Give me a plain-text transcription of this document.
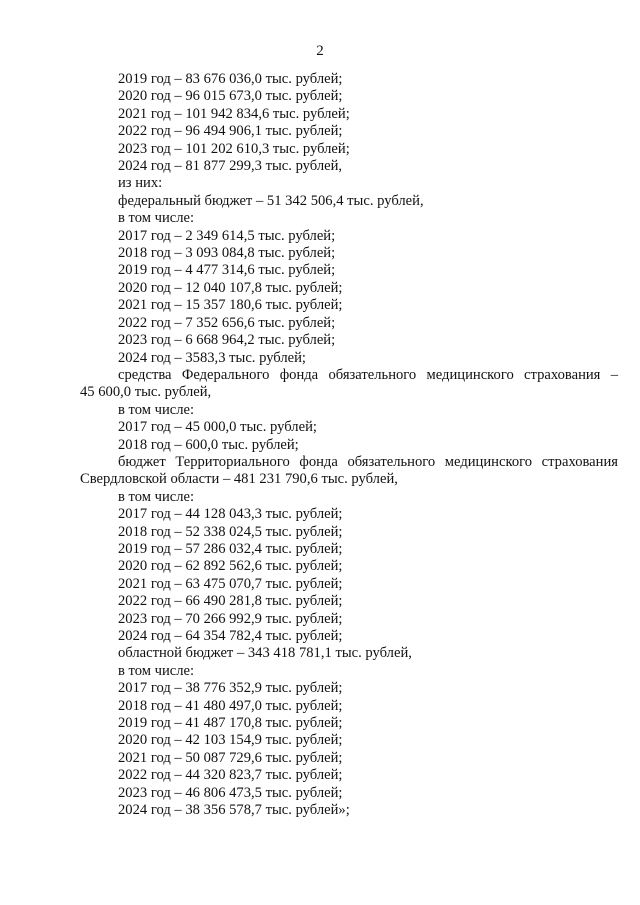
2
2019 год – 83 676 036,0 тыс. рублей;
2020 год – 96 015 673,0 тыс. рублей;
2021 год – 101 942 834,6 тыс. рублей;
2022 год – 96 494 906,1 тыс. рублей;
2023 год – 101 202 610,3 тыс. рублей;
2024 год – 81 877 299,3 тыс. рублей,
из них:
федеральный бюджет – 51 342 506,4 тыс. рублей,
в том числе:
2017 год – 2 349 614,5 тыс. рублей;
2018 год – 3 093 084,8 тыс. рублей;
2019 год – 4 477 314,6 тыс. рублей;
2020 год – 12 040 107,8 тыс. рублей;
2021 год – 15 357 180,6 тыс. рублей;
2022 год – 7 352 656,6 тыс. рублей;
2023 год – 6 668 964,2 тыс. рублей;
2024 год – 3583,3 тыс. рублей;
средства Федерального фонда обязательного медицинского страхования –
45 600,0 тыс. рублей,
в том числе:
2017 год – 45 000,0 тыс. рублей;
2018 год – 600,0 тыс. рублей;
бюджет Территориального фонда обязательного медицинского страхования
Свердловской области – 481 231 790,6 тыс. рублей,
в том числе:
2017 год – 44 128 043,3 тыс. рублей;
2018 год – 52 338 024,5 тыс. рублей;
2019 год – 57 286 032,4 тыс. рублей;
2020 год – 62 892 562,6 тыс. рублей;
2021 год – 63 475 070,7 тыс. рублей;
2022 год – 66 490 281,8 тыс. рублей;
2023 год – 70 266 992,9 тыс. рублей;
2024 год – 64 354 782,4 тыс. рублей;
областной бюджет – 343 418 781,1 тыс. рублей,
в том числе:
2017 год – 38 776 352,9 тыс. рублей;
2018 год – 41 480 497,0 тыс. рублей;
2019 год – 41 487 170,8 тыс. рублей;
2020 год – 42 103 154,9 тыс. рублей;
2021 год – 50 087 729,6 тыс. рублей;
2022 год – 44 320 823,7 тыс. рублей;
2023 год – 46 806 473,5 тыс. рублей;
2024 год – 38 356 578,7 тыс. рублей»;
